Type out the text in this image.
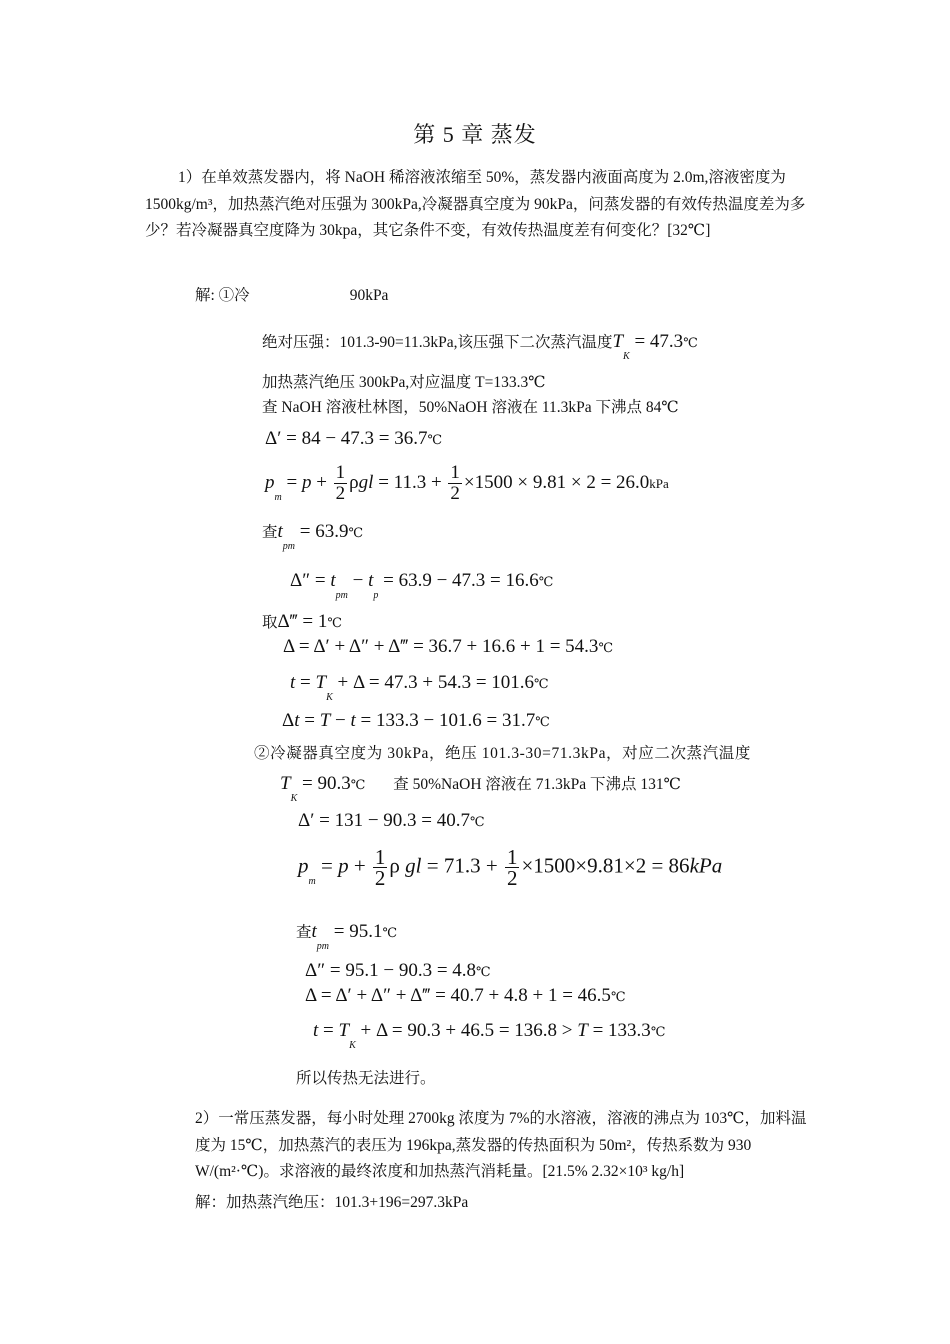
第 5 章 蒸发
1）在单效蒸发器内，将 NaOH 稀溶液浓缩至 50%，蒸发器内液面高度为 2.0m,溶液密度为 1500kg/m³，加热蒸汽绝对压强为 300kPa,冷凝器真空度为 90kPa，问蒸发器的有效传热温度差为多少？若冷凝器真空度降为 30kpa，其它条件不变，有效传热温度差有何变化？[32℃]
解: ①冷	90kPa
绝对压强：101.3-90=11.3kPa,该压强下二次蒸汽温度$T_K$ = 47.3℃
加热蒸汽绝压 300kPa,对应温度 T=133.3℃
查 NaOH 溶液杜林图，50%NaOH 溶液在 11.3kPa 下沸点 84℃
Δ′ = 84 − 47.3 = 36.7℃
$p_m = p + \frac{1}{2}$ $\rho gl = 11.3 + \frac{1}{2} \times 1500 \times 9.81 \times 2 = 26.0kPa$
查$t_{pm}$ = 63.9℃
$\Delta'' = t_{pm} - t_p = 63.9 - 47.3$ = 16.6℃
取Δ‴ = 1℃
Δ = Δ′ + Δ″ + Δ‴ = 36.7 + 16.6 + 1 = 54.3℃
$t = T_K + \Delta = 47.3 + 54.3$ = 101.6℃
Δt = T − t = 133.3 − 101.6 = 31.7℃
②冷凝器真空度为 30kPa，绝压 101.3-30=71.3kPa，对应二次蒸汽温度
$T_K$ = 90.3℃ 查 50%NaOH 溶液在 71.3kPa 下沸点 131℃
Δ′ = 131 − 90.3 = 40.7℃
$p_m = p + \frac{1}{2}$ ρ gl = $71.3 + \frac{1}{2} \times 1500\times 9.81\times 2 = 86kPa$
查$t_{pm}$ = 95.1℃
Δ″ = 95.1 − 90.3 = 4.8℃
Δ = Δ′ + Δ″ + Δ‴ = 40.7 + 4.8 + 1 = 46.5℃
$t = T_K + \Delta = 90.3 + 46.5 = 136.8 > T$ = 133.3℃
所以传热无法进行。
2）一常压蒸发器，每小时处理 2700kg 浓度为 7%的水溶液，溶液的沸点为 103℃，加料温度为 15℃，加热蒸汽的表压为 196kpa,蒸发器的传热面积为 50m²，传热系数为 930 W/(m²·℃)。求溶液的最终浓度和加热蒸汽消耗量。[21.5% 2.32×10³ kg/h]
解：加热蒸汽绝压：101.3+196=297.3kPa
